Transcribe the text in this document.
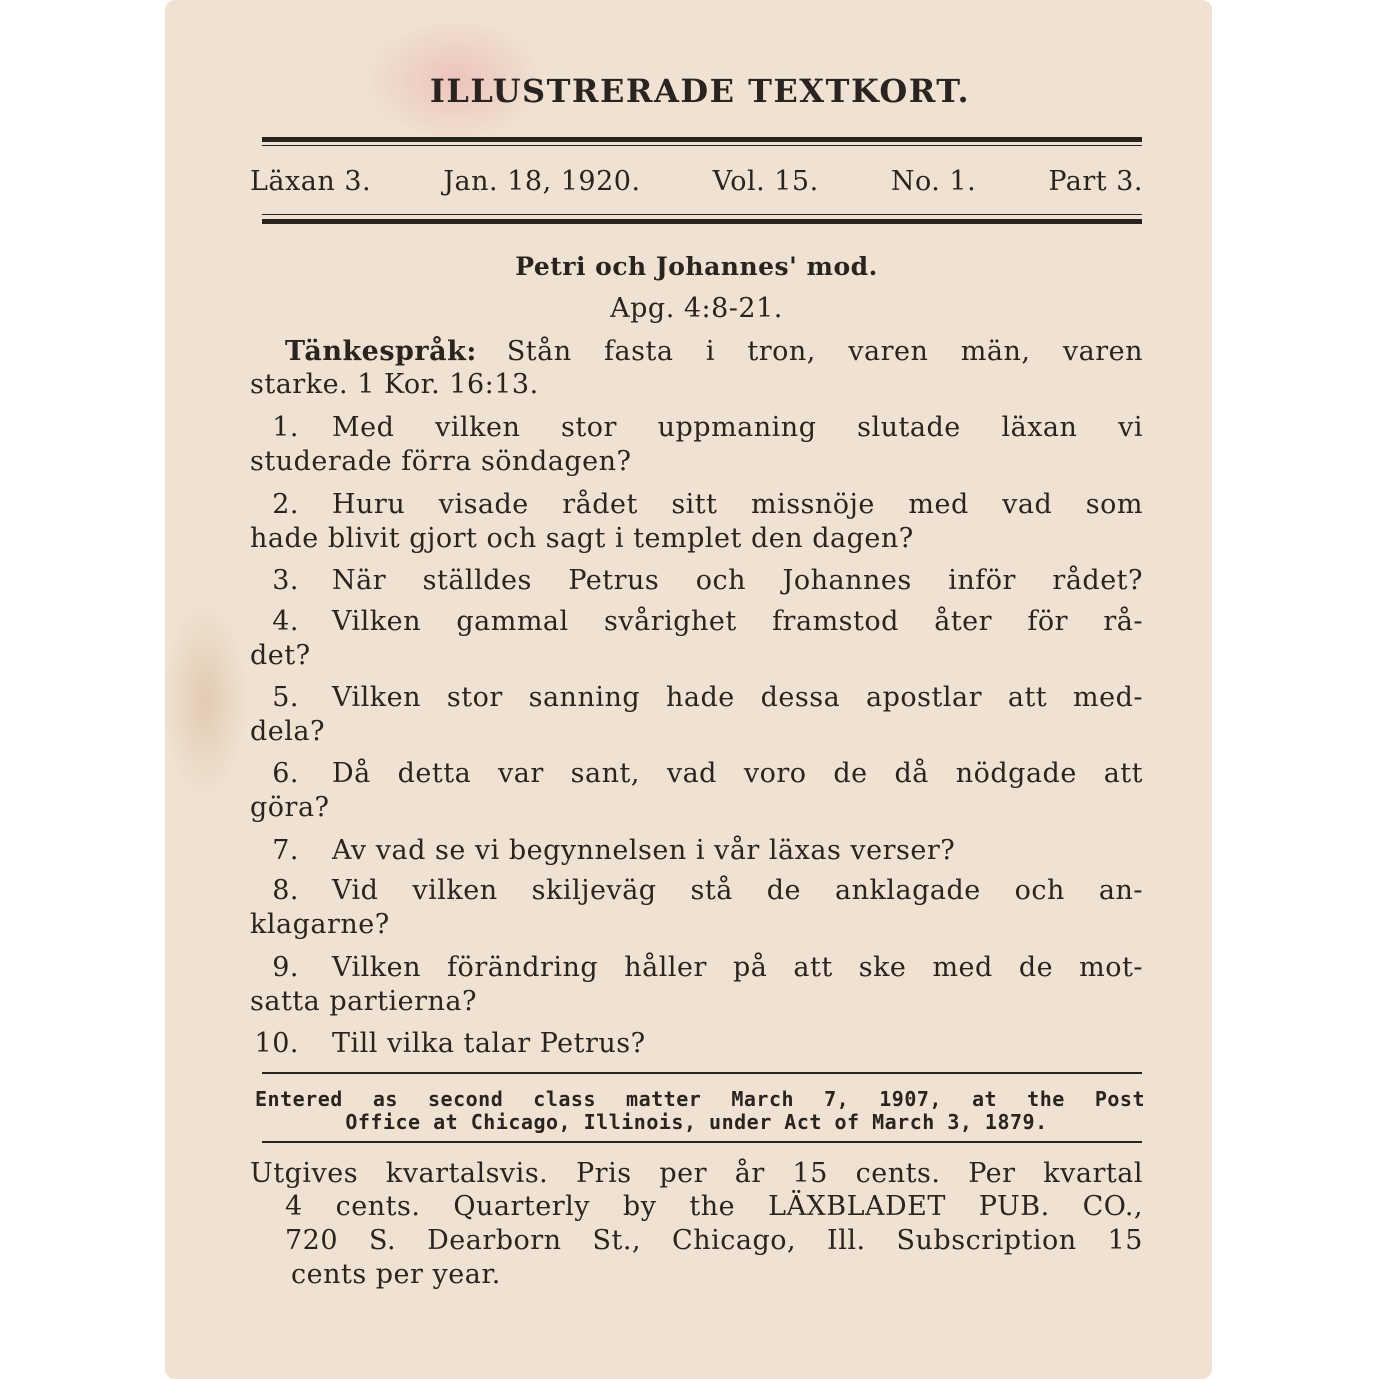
ILLUSTRERADE TEXTKORT.
Läxan 3.	Jan. 18, 1920.	Vol. 15.	No. 1.	Part 3.
Petri och Johannes' mod.
Apg. 4:8-21.
Tänkespråk: Stån fasta i tron, varen män, varen
starke. 1 Kor. 16:13.
1.	Med vilken stor uppmaning slutade läxan vi
studerade förra söndagen?
2.	Huru visade rådet sitt missnöje med vad som
hade blivit gjort och sagt i templet den dagen?
3.	När ställdes Petrus och Johannes inför rådet?
4.	Vilken gammal svårighet framstod åter för rå-
det?
5.	Vilken stor sanning hade dessa apostlar att med-
dela?
6.	Då detta var sant, vad voro de då nödgade att
göra?
7.	Av vad se vi begynnelsen i vår läxas verser?
8.	Vid vilken skiljeväg stå de anklagade och an-
klagarne?
9.	Vilken förändring håller på att ske med de mot-
satta partierna?
10.	Till vilka talar Petrus?
Entered as second class matter March 7, 1907, at the Post
Office at Chicago, Illinois, under Act of March 3, 1879.
Utgives kvartalsvis. Pris per år 15 cents. Per kvartal
4 cents. Quarterly by the LÄXBLADET PUB. CO.,
720 S. Dearborn St., Chicago, Ill. Subscription 15
cents per year.
